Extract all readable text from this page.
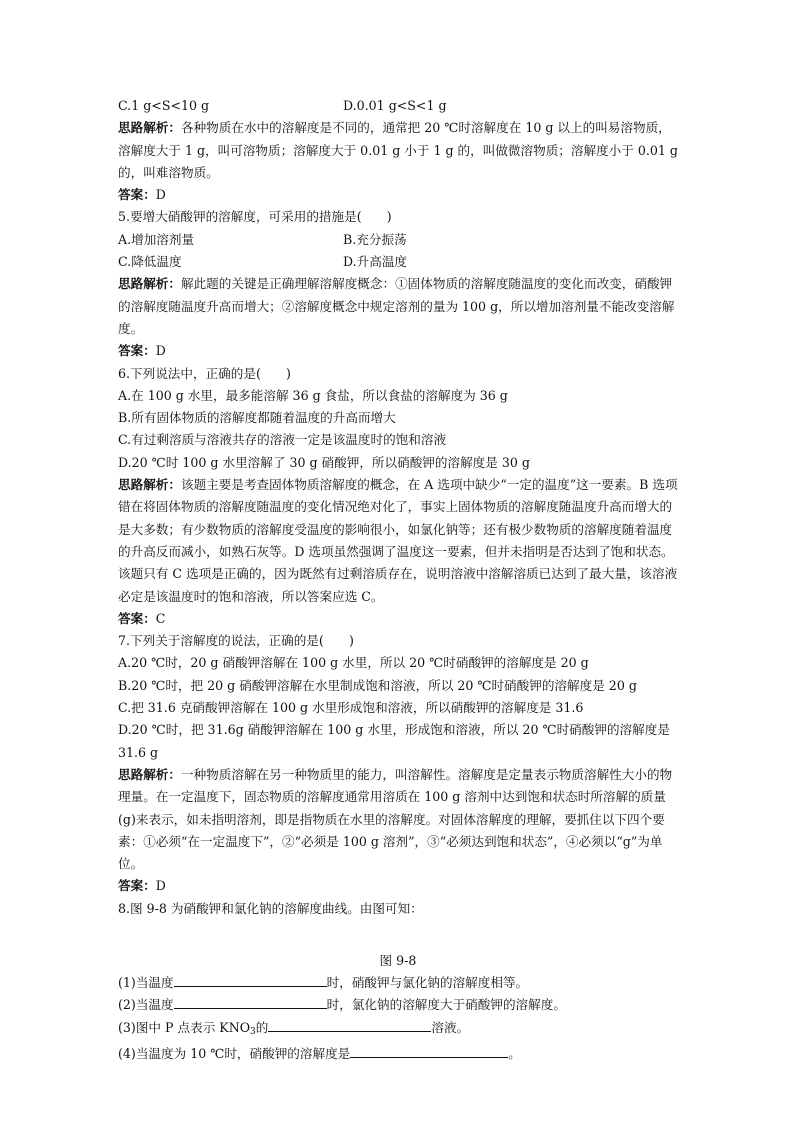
C.1 g<S<10 g	D.0.01 g<S<1 g
思路解析：各种物质在水中的溶解度是不同的，通常把 20 ℃时溶解度在 10 g 以上的叫易溶物质，溶解度大于 1 g，叫可溶物质；溶解度大于 0.01 g 小于 1 g 的，叫做微溶物质；溶解度小于 0.01 g 的，叫难溶物质。
答案：D
5.要增大硝酸钾的溶解度，可采用的措施是(　　)
A.增加溶剂量	B.充分振荡
C.降低温度	D.升高温度
思路解析：解此题的关键是正确理解溶解度概念：①固体物质的溶解度随温度的变化而改变，硝酸钾的溶解度随温度升高而增大；②溶解度概念中规定溶剂的量为 100 g，所以增加溶剂量不能改变溶解度。
答案：D
6.下列说法中，正确的是(　　)
A.在 100 g 水里，最多能溶解 36 g 食盐，所以食盐的溶解度为 36 g
B.所有固体物质的溶解度都随着温度的升高而增大
C.有过剩溶质与溶液共存的溶液一定是该温度时的饱和溶液
D.20 ℃时 100 g 水里溶解了 30 g 硝酸钾，所以硝酸钾的溶解度是 30 g
思路解析：该题主要是考查固体物质溶解度的概念，在 A 选项中缺少“一定的温度”这一要素。B 选项错在将固体物质的溶解度随温度的变化情况绝对化了，事实上固体物质的溶解度随温度升高而增大的是大多数；有少数物质的溶解度受温度的影响很小，如氯化钠等；还有极少数物质的溶解度随着温度的升高反而减小，如熟石灰等。D 选项虽然强调了温度这一要素，但并未指明是否达到了饱和状态。该题只有 C 选项是正确的，因为既然有过剩溶质存在，说明溶液中溶解溶质已达到了最大量，该溶液必定是该温度时的饱和溶液，所以答案应选 C。
答案：C
7.下列关于溶解度的说法，正确的是(　　)
A.20 ℃时，20 g 硝酸钾溶解在 100 g 水里，所以 20 ℃时硝酸钾的溶解度是 20 g
B.20 ℃时，把 20 g 硝酸钾溶解在水里制成饱和溶液，所以 20 ℃时硝酸钾的溶解度是 20 g
C.把 31.6 克硝酸钾溶解在 100 g 水里形成饱和溶液，所以硝酸钾的溶解度是 31.6
D.20 ℃时，把 31.6g 硝酸钾溶解在 100 g 水里，形成饱和溶液，所以 20 ℃时硝酸钾的溶解度是 31.6 g
思路解析：一种物质溶解在另一种物质里的能力，叫溶解性。溶解度是定量表示物质溶解性大小的物理量。在一定温度下，固态物质的溶解度通常用溶质在 100 g 溶剂中达到饱和状态时所溶解的质量(g)来表示，如未指明溶剂，即是指物质在水里的溶解度。对固体溶解度的理解，要抓住以下四个要素：①必须“在一定温度下”，②“必须是 100 g 溶剂”，③“必须达到饱和状态”，④必须以“g”为单位。
答案：D
8.图 9-8 为硝酸钾和氯化钠的溶解度曲线。由图可知：
图 9-8
(1)当温度	时，硝酸钾与氯化钠的溶解度相等。
(2)当温度	时，氯化钠的溶解度大于硝酸钾的溶解度。
(3)图中 P 点表示 $KNO_3$的	溶液。
(4)当温度为 10 ℃时，硝酸钾的溶解度是	。
